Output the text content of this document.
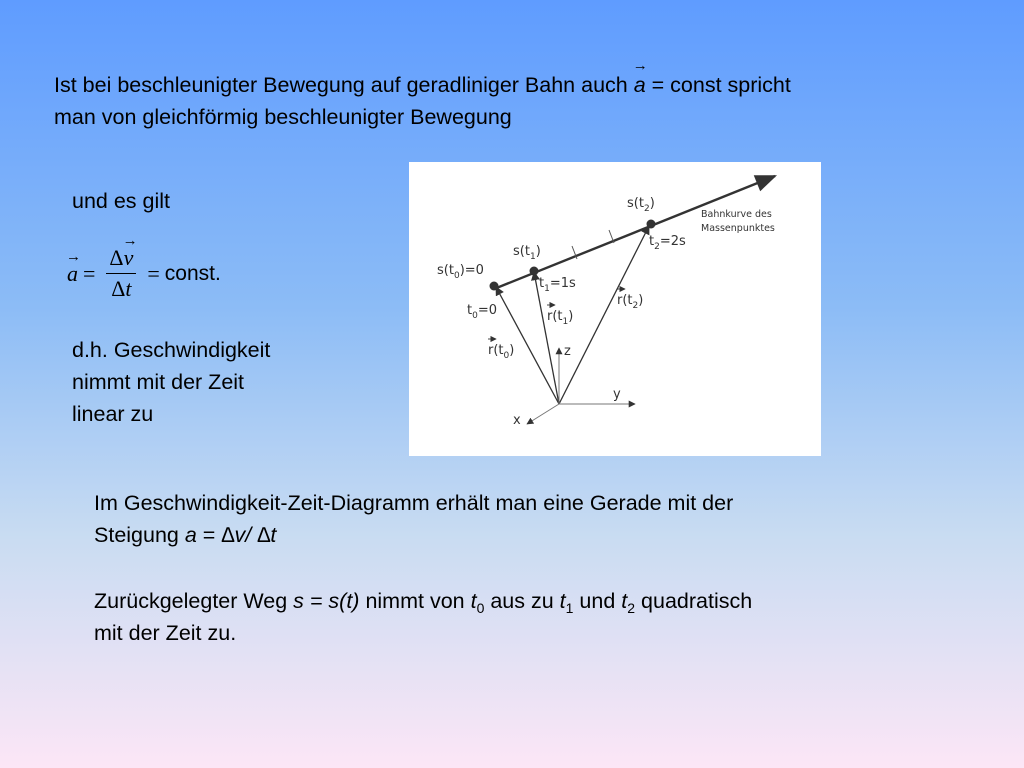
Ist bei beschleunigter Bewegung auf geradliniger Bahn auch
→
a = const spricht
man von gleichförmig beschleunigter Bewegung
und es gilt
→
a = Δ
→
v
Δt = const.
d.h. Geschwindigkeit
nimmt mit der Zeit
linear zu
Bahnkurve des
Massenpunktes
$s(t_2)$
$t_2=2s$
$s(t_1)$
$t_1=1s$
$s(t_0)=0$
$t_0=0$
$r(t_0)$
$r(t_1)$
$r(t_2)$
z
y
x
Im Geschwindigkeit-Zeit-Diagramm erhält man eine Gerade mit der
Steigung a = ∆v/ ∆t
Zurückgelegter Weg s = s(t) nimmt von $t_0$ aus zu $t_1$ und $t_2$ quadratisch
mit der Zeit zu.
